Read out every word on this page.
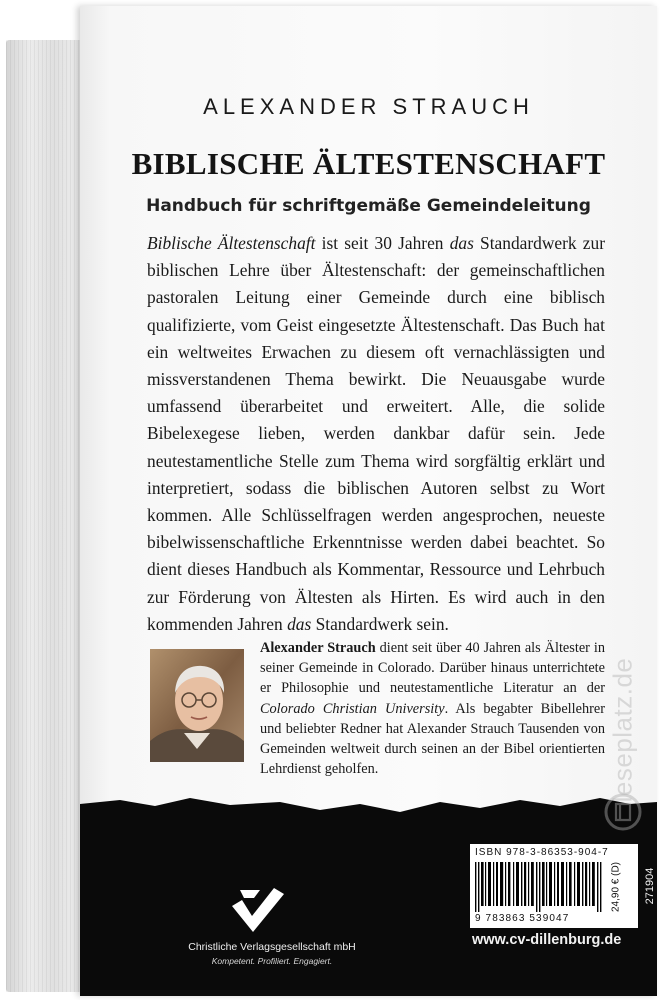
ALEXANDER STRAUCH
BIBLISCHE ÄLTESTENSCHAFT
Handbuch für schriftgemäße Gemeindeleitung

Biblische Ältestenschaft ist seit 30 Jahren das Standardwerk zur biblischen Lehre über Ältestenschaft: der gemeinschaftlichen pastoralen Leitung einer Gemeinde durch eine biblisch qualifizierte, vom Geist eingesetzte Ältestenschaft. Das Buch hat ein weltweites Erwachen zu diesem oft vernachlässigten und missverstandenen Thema bewirkt. Die Neuausgabe wurde umfassend überarbeitet und erweitert. Alle, die solide Bibelexegese lieben, werden dankbar dafür sein. Jede neutestamentliche Stelle zum Thema wird sorgfältig erklärt und interpretiert, sodass die biblischen Autoren selbst zu Wort kommen. Alle Schlüsselfragen werden angesprochen, neueste bibelwissenschaftliche Erkenntnisse werden dabei beachtet. So dient dieses Handbuch als Kommentar, Ressource und Lehrbuch zur Förderung von Ältesten als Hirten. Es wird auch in den kommenden Jahren das Standardwerk sein.

Alexander Strauch dient seit über 40 Jahren als Ältester in seiner Gemeinde in Colorado. Darüber hinaus unterrichtete er Philosophie und neutestamentliche Literatur an der Colorado Christian University. Als begabter Bibellehrer und beliebter Redner hat Alexander Strauch Tausenden von Gemeinden weltweit durch seinen an der Bibel orientierten Lehrdienst geholfen.

Christliche Verlagsgesellschaft mbH
Kompetent. Profiliert. Engagiert.
ISBN 978-3-86353-904-7
9 783863 539047
24,90 € (D) 271904
www.cv-dillenburg.de
leseplatz.de
